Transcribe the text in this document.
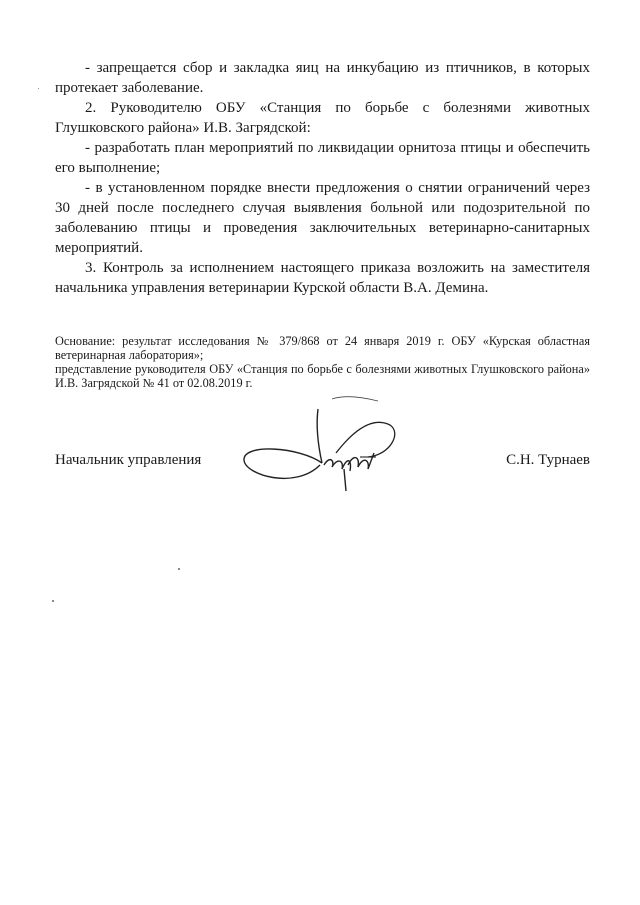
- запрещается сбор и закладка яиц на инкубацию из птичников, в которых протекает заболевание.

2. Руководителю ОБУ «Станция по борьбе с болезнями животных Глушковского района» И.В. Загрядской:

- разработать план мероприятий по ликвидации орнитоза птицы и обеспечить его выполнение;

- в установленном порядке внести предложения о снятии ограничений через 30 дней после последнего случая выявления больной или подозрительной по заболеванию птицы и проведения заключительных ветеринарно-санитарных мероприятий.

3. Контроль за исполнением настоящего приказа возложить на заместителя начальника управления ветеринарии Курской области В.А. Демина.

Основание: результат исследования № 379/868 от 24 января 2019 г. ОБУ «Курская областная ветеринарная лаборатория»;

представление руководителя ОБУ «Станция по борьбе с болезнями животных Глушковского района» И.В. Загрядской № 41 от 02.08.2019 г.

Начальник управления	С.Н. Турнаев
